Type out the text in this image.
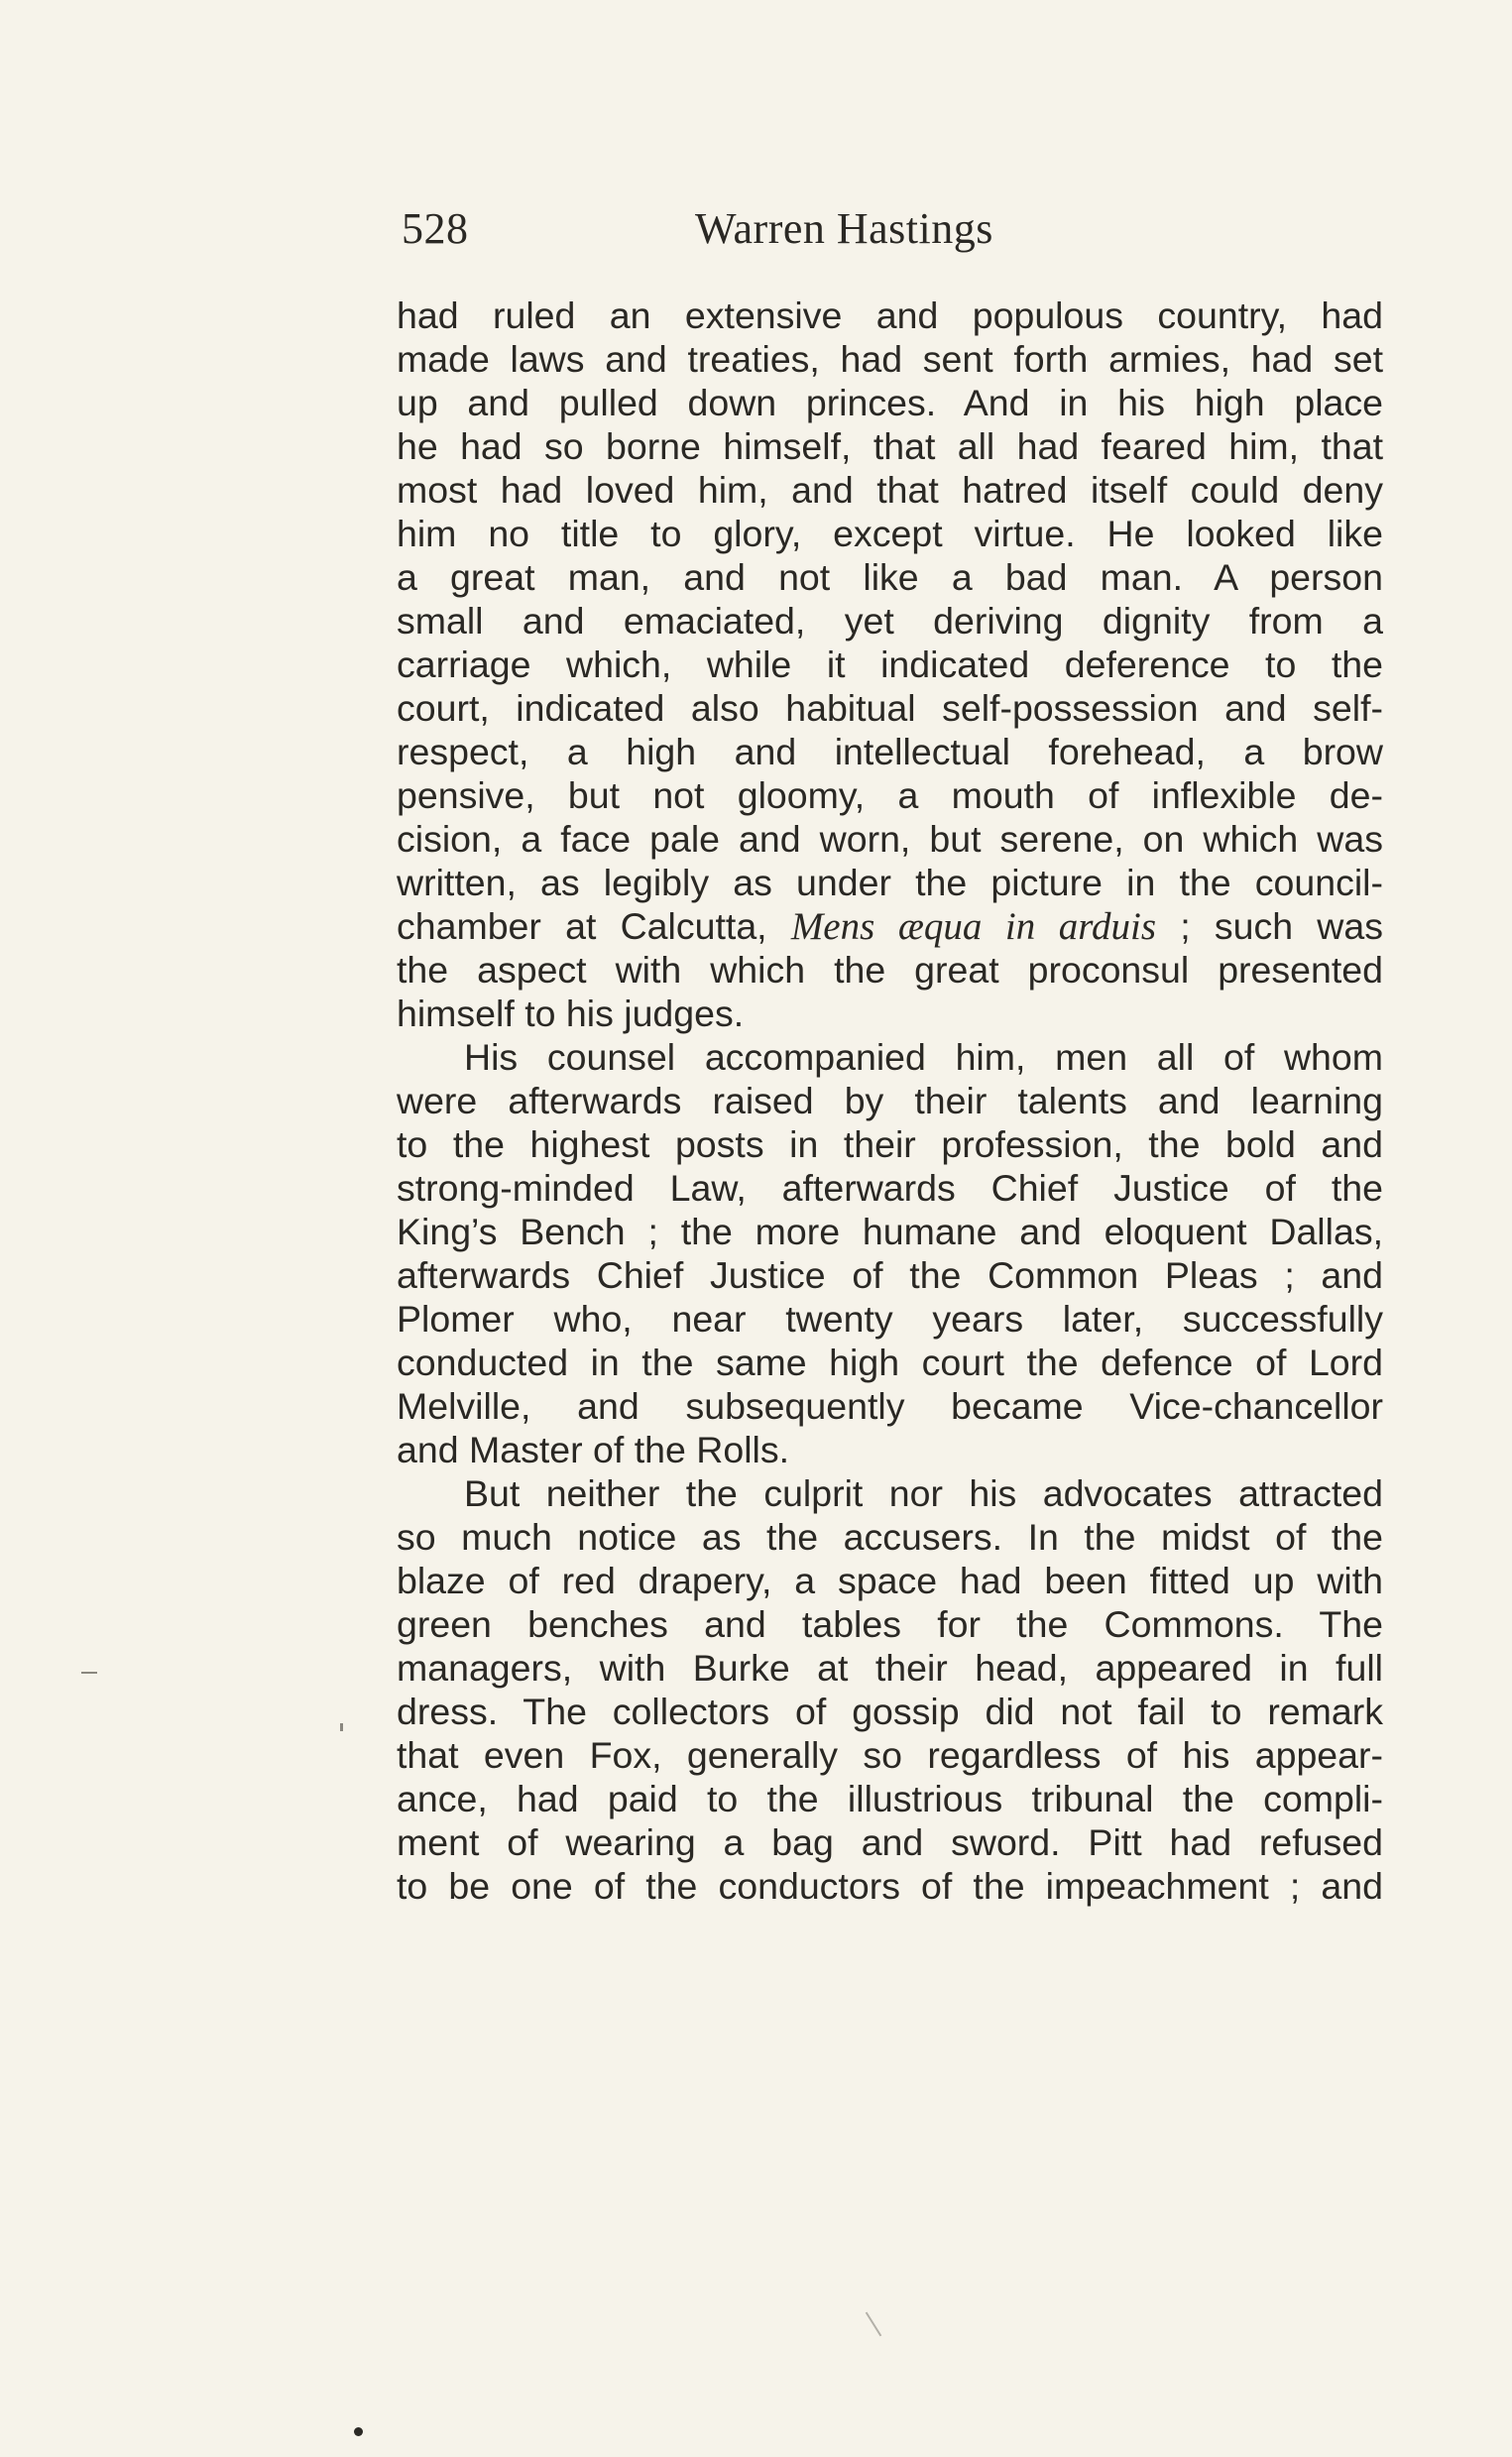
528	Warren Hastings
had ruled an extensive and populous country, had
made laws and treaties, had sent forth armies, had set
up and pulled down princes. And in his high place
he had so borne himself, that all had feared him, that
most had loved him, and that hatred itself could deny
him no title to glory, except virtue. He looked like
a great man, and not like a bad man. A person
small and emaciated, yet deriving dignity from a
carriage which, while it indicated deference to the
court, indicated also habitual self-possession and self-
respect, a high and intellectual forehead, a brow
pensive, but not gloomy, a mouth of inflexible de-
cision, a face pale and worn, but serene, on which was
written, as legibly as under the picture in the council-
chamber at Calcutta, Mens æqua in arduis ; such was
the aspect with which the great proconsul presented
himself to his judges.
His counsel accompanied him, men all of whom
were afterwards raised by their talents and learning
to the highest posts in their profession, the bold and
strong-minded Law, afterwards Chief Justice of the
King’s Bench ; the more humane and eloquent Dallas,
afterwards Chief Justice of the Common Pleas ; and
Plomer who, near twenty years later, successfully
conducted in the same high court the defence of Lord
Melville, and subsequently became Vice-chancellor
and Master of the Rolls.
But neither the culprit nor his advocates attracted
so much notice as the accusers. In the midst of the
blaze of red drapery, a space had been fitted up with
green benches and tables for the Commons. The
managers, with Burke at their head, appeared in full
dress. The collectors of gossip did not fail to remark
that even Fox, generally so regardless of his appear-
ance, had paid to the illustrious tribunal the compli-
ment of wearing a bag and sword. Pitt had refused
to be one of the conductors of the impeachment ; and
